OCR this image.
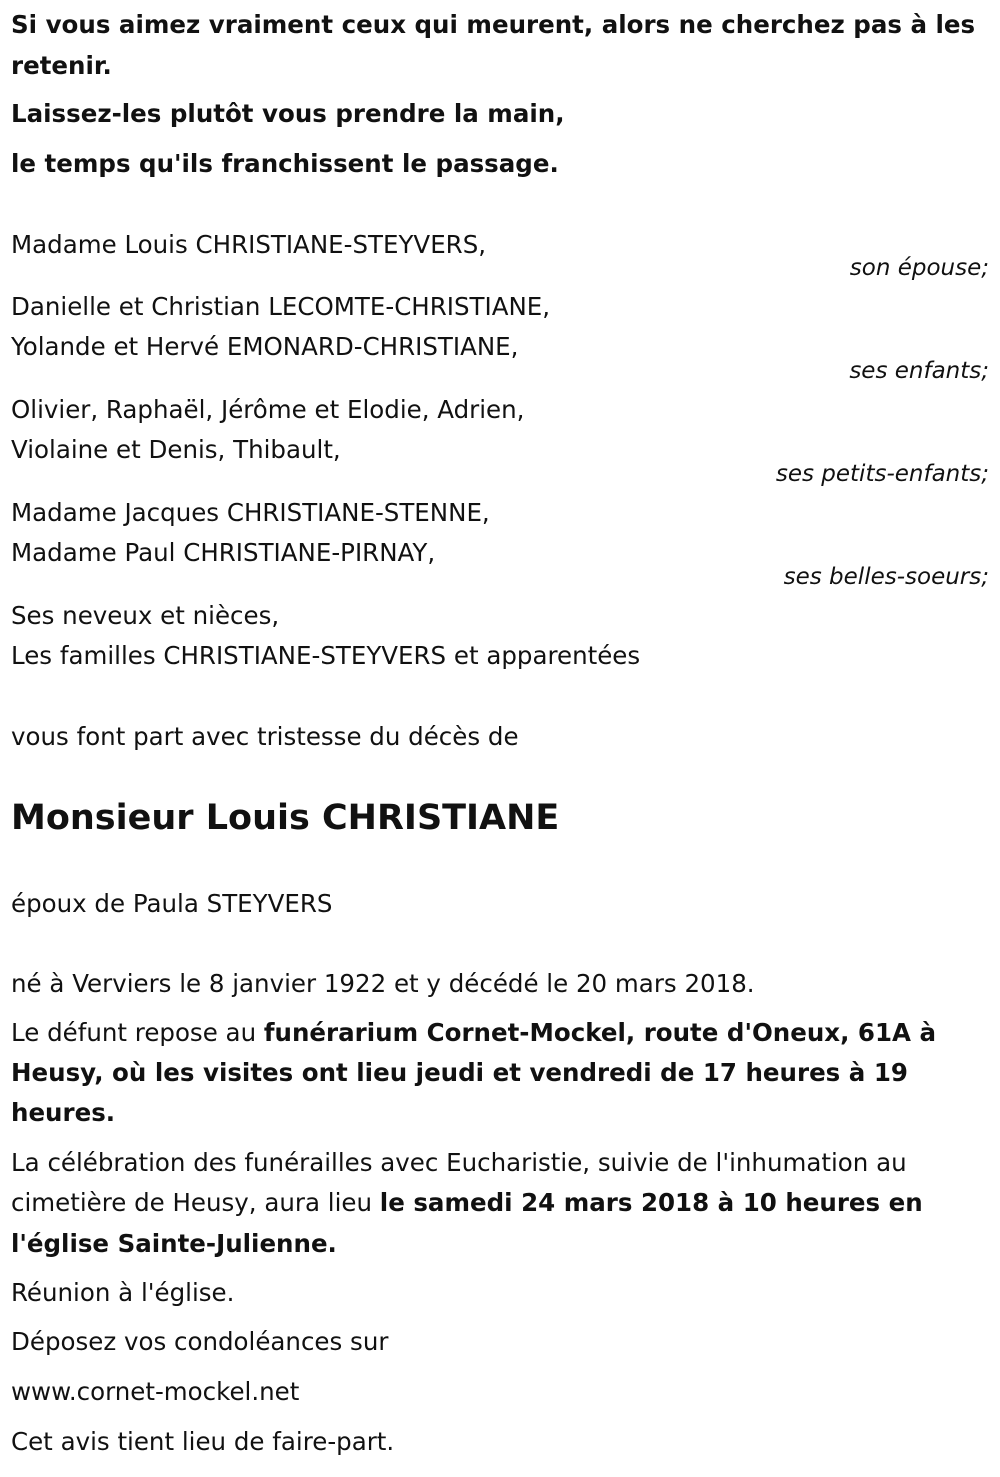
Si vous aimez vraiment ceux qui meurent, alors ne cherchez pas à les
retenir.
Laissez-les plutôt vous prendre la main,
le temps qu'ils franchissent le passage.
Madame Louis CHRISTIANE-STEYVERS,
son épouse;
Danielle et Christian LECOMTE-CHRISTIANE,
Yolande et Hervé EMONARD-CHRISTIANE,
ses enfants;
Olivier, Raphaël, Jérôme et Elodie, Adrien,
Violaine et Denis, Thibault,
ses petits-enfants;
Madame Jacques CHRISTIANE-STENNE,
Madame Paul CHRISTIANE-PIRNAY,
ses belles-soeurs;
Ses neveux et nièces,
Les familles CHRISTIANE-STEYVERS et apparentées
vous font part avec tristesse du décès de
Monsieur Louis CHRISTIANE
époux de Paula STEYVERS
né à Verviers le 8 janvier 1922 et y décédé le 20 mars 2018.
Le défunt repose au funérarium Cornet-Mockel, route d'Oneux, 61A à
Heusy, où les visites ont lieu jeudi et vendredi de 17 heures à 19
heures.
La célébration des funérailles avec Eucharistie, suivie de l'inhumation au
cimetière de Heusy, aura lieu le samedi 24 mars 2018 à 10 heures en
l'église Sainte-Julienne.
Réunion à l'église.
Déposez vos condoléances sur
www.cornet-mockel.net
Cet avis tient lieu de faire-part.
